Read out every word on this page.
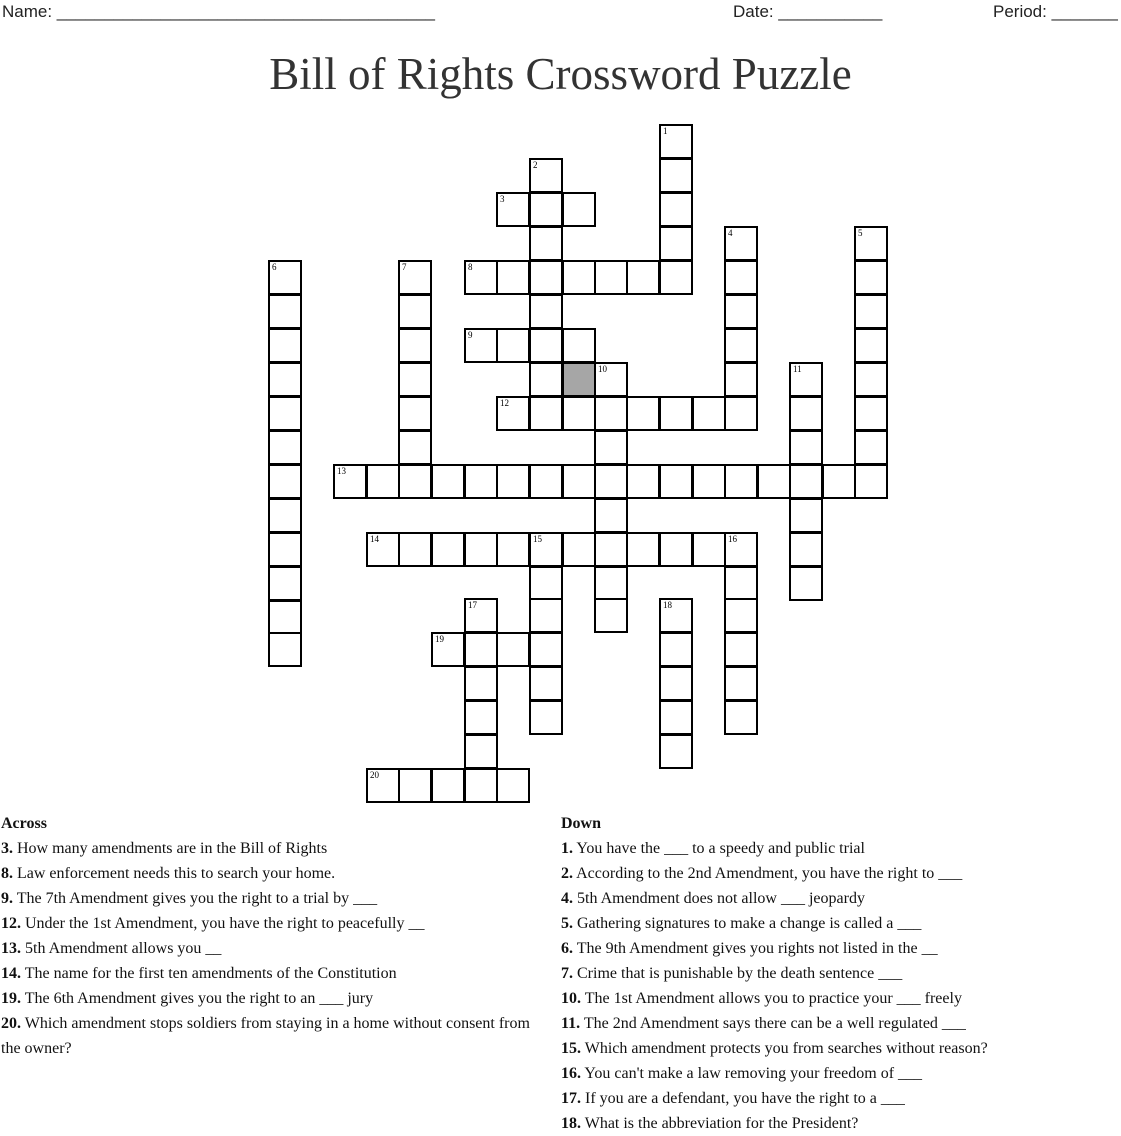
Name: ________________________________________	Date: ___________	Period: _______
Bill of Rights Crossword Puzzle
1
2
3
4	5
6	7	8
9
10	11
12
13
14	15	16
17	18
19
20
Across
3. How many amendments are in the Bill of Rights
8. Law enforcement needs this to search your home.
9. The 7th Amendment gives you the right to a trial by ___
12. Under the 1st Amendment, you have the right to peacefully __
13. 5th Amendment allows you __
14. The name for the first ten amendments of the Constitution
19. The 6th Amendment gives you the right to an ___ jury
20. Which amendment stops soldiers from staying in a home without consent from the owner?
Down
1. You have the ___ to a speedy and public trial
2. According to the 2nd Amendment, you have the right to ___
4. 5th Amendment does not allow ___ jeopardy
5. Gathering signatures to make a change is called a ___
6. The 9th Amendment gives you rights not listed in the __
7. Crime that is punishable by the death sentence ___
10. The 1st Amendment allows you to practice your ___ freely
11. The 2nd Amendment says there can be a well regulated ___
15. Which amendment protects you from searches without reason?
16. You can't make a law removing your freedom of ___
17. If you are a defendant, you have the right to a ___
18. What is the abbreviation for the President?
